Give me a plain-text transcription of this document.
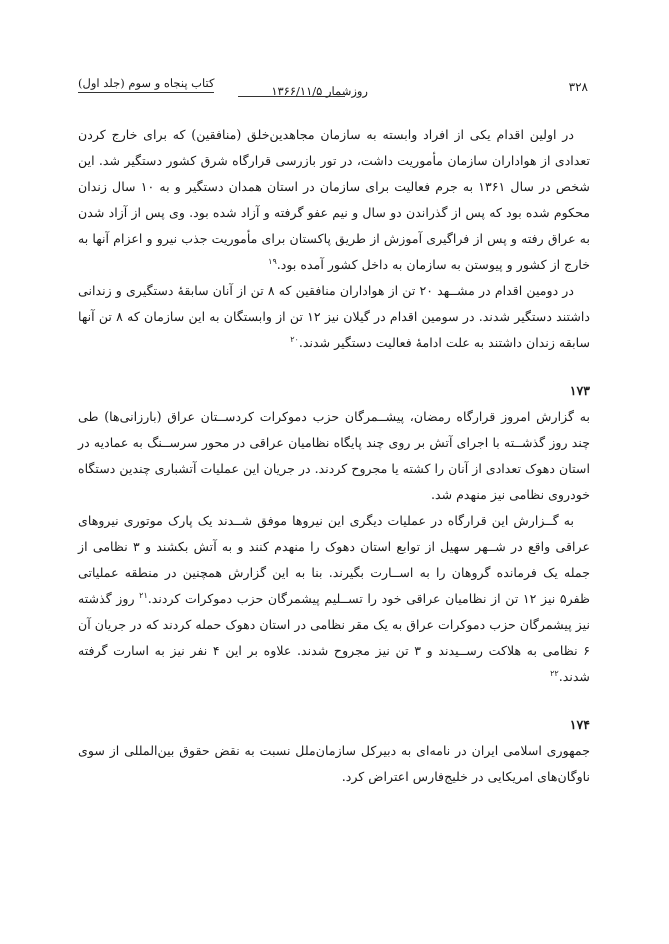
۳۲۸
روزشمار ۱۳۶۶/۱۱/۵
کتاب پنجاه و سوم (جلد اول)

در اولین اقدام یکی از افراد وابسته به سازمان مجاهدین‌خلق (منافقین) که برای خارج کردن تعدادی از هواداران سازمان مأموریت داشت، در تور بازرسی قرارگاه شرق کشور دستگیر شد. این شخص در سال ۱۳۶۱ به جرم فعالیت برای سازمان در استان همدان دستگیر و به ۱۰ سال زندان محکوم شده بود که پس از گذراندن دو سال و نیم عفو گرفته و آزاد شده بود. وی پس از آزاد شدن به عراق رفته و پس از فراگیری آموزش از طریق پاکستان برای مأموریت جذب نیرو و اعزام آنها به خارج از کشور و پیوستن به سازمان به داخل کشور آمده بود.$^{۱۹}$

در دومین اقدام در مشــهد ۲۰ تن از هواداران منافقین که ۸ تن از آنان سابقهٔ دستگیری و زندانی داشتند دستگیر شدند. در سومین اقدام در گیلان نیز ۱۲ تن از وابستگان به این سازمان که ۸ تن آنها سابقه زندان داشتند به علت ادامهٔ فعالیت دستگیر شدند.$^{۲۰}$

۱۷۳

به گزارش امروز قرارگاه رمضان، پیشــمرگان حزب دموکرات کردســتان عراق (بارزانی‌ها) طی چند روز گذشــته با اجرای آتش بر روی چند پایگاه نظامیان عراقی در محور سرســنگ به عمادیه در استان دهوک تعدادی از آنان را کشته یا مجروح کردند. در جریان این عملیات آتشباری چندین دستگاه خودروی نظامی نیز منهدم شد.

به گــزارش این قرارگاه در عملیات دیگری این نیروها موفق شــدند یک پارک موتوری نیروهای عراقی واقع در شــهر سهیل از توابع استان دهوک را منهدم کنند و به آتش بکشند و ۳ نظامی از جمله یک فرمانده گروهان را به اســارت بگیرند. بنا به این گزارش همچنین در منطقه عملیاتی ظفر۵ نیز ۱۲ تن از نظامیان عراقی خود را تســلیم پیشمرگان حزب دموکرات کردند.$^{۲۱}$ روز گذشته نیز پیشمرگان حزب دموکرات عراق به یک مقر نظامی در استان دهوک حمله کردند که در جریان آن ۶ نظامی به هلاکت رســیدند و ۳ تن نیز مجروح شدند. علاوه بر این ۴ نفر نیز به اسارت گرفته شدند.$^{۲۲}$

۱۷۴

جمهوری اسلامی ایران در نامه‌ای به دبیرکل سازمان‌ملل نسبت به نقض حقوق بین‌المللی از سوی ناوگان‌های امریکایی در خلیج‌فارس اعتراض کرد.
